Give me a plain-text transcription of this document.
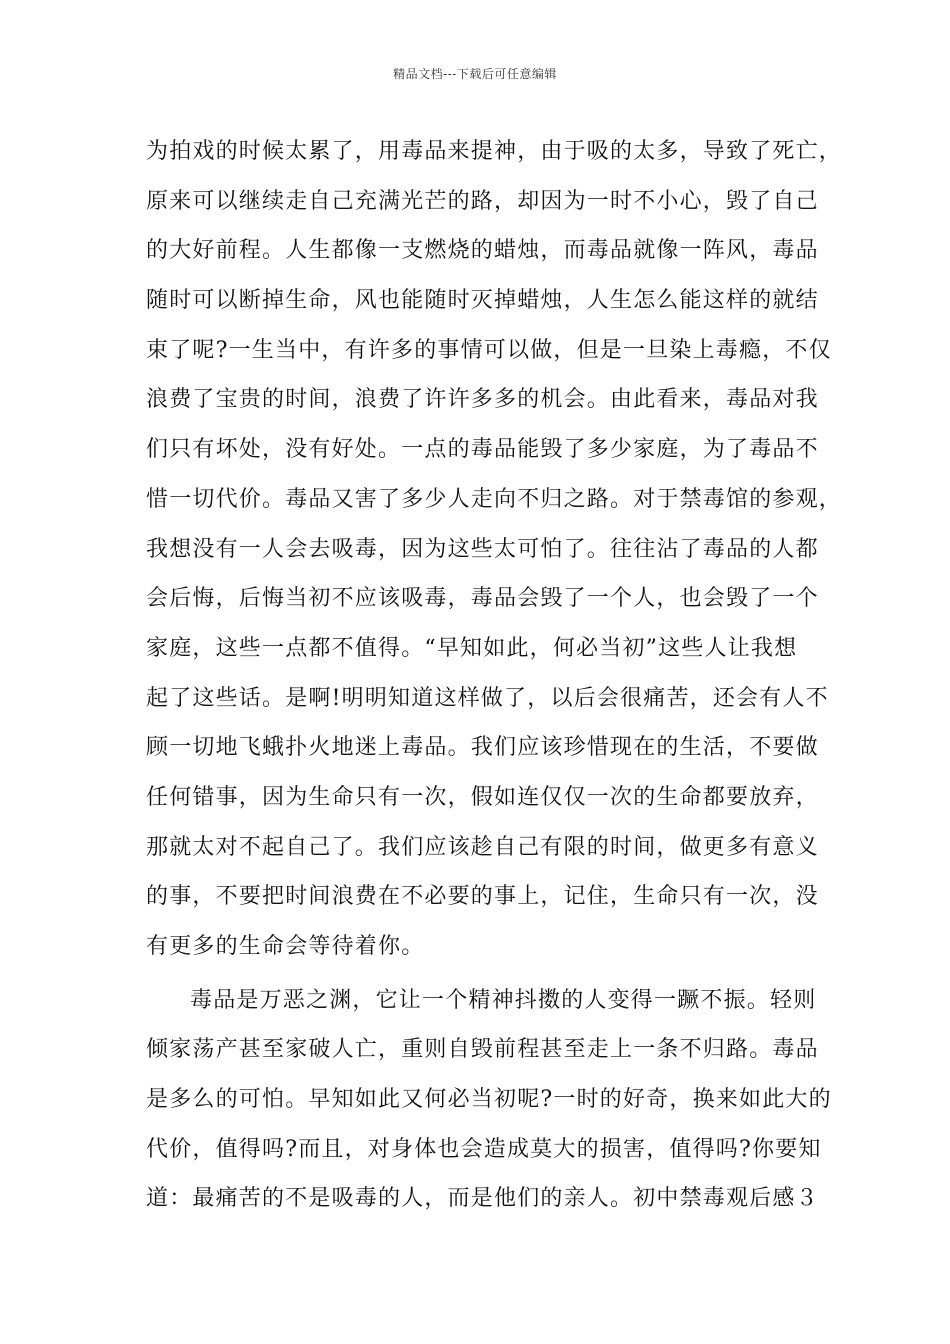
精品文档---下载后可任意编辑
为拍戏的时候太累了，用毒品来提神，由于吸的太多，导致了死亡，
原来可以继续走自己充满光芒的路，却因为一时不小心，毁了自己
的大好前程。人生都像一支燃烧的蜡烛，而毒品就像一阵风，毒品
随时可以断掉生命，风也能随时灭掉蜡烛，人生怎么能这样的就结
束了呢?一生当中，有许多的事情可以做，但是一旦染上毒瘾，不仅
浪费了宝贵的时间，浪费了许许多多的机会。由此看来，毒品对我
们只有坏处，没有好处。一点的毒品能毁了多少家庭，为了毒品不
惜一切代价。毒品又害了多少人走向不归之路。对于禁毒馆的参观，
我想没有一人会去吸毒，因为这些太可怕了。往往沾了毒品的人都
会后悔，后悔当初不应该吸毒，毒品会毁了一个人，也会毁了一个
家庭，这些一点都不值得。“早知如此，何必当初”这些人让我想
起了这些话。是啊!明明知道这样做了，以后会很痛苦，还会有人不
顾一切地飞蛾扑火地迷上毒品。我们应该珍惜现在的生活，不要做
任何错事，因为生命只有一次，假如连仅仅一次的生命都要放弃，
那就太对不起自己了。我们应该趁自己有限的时间，做更多有意义
的事，不要把时间浪费在不必要的事上，记住，生命只有一次，没
有更多的生命会等待着你。
毒品是万恶之渊，它让一个精神抖擞的人变得一蹶不振。轻则
倾家荡产甚至家破人亡，重则自毁前程甚至走上一条不归路。毒品
是多么的可怕。早知如此又何必当初呢?一时的好奇，换来如此大的
代价，值得吗?而且，对身体也会造成莫大的损害，值得吗?你要知
道：最痛苦的不是吸毒的人，而是他们的亲人。初中禁毒观后感３
